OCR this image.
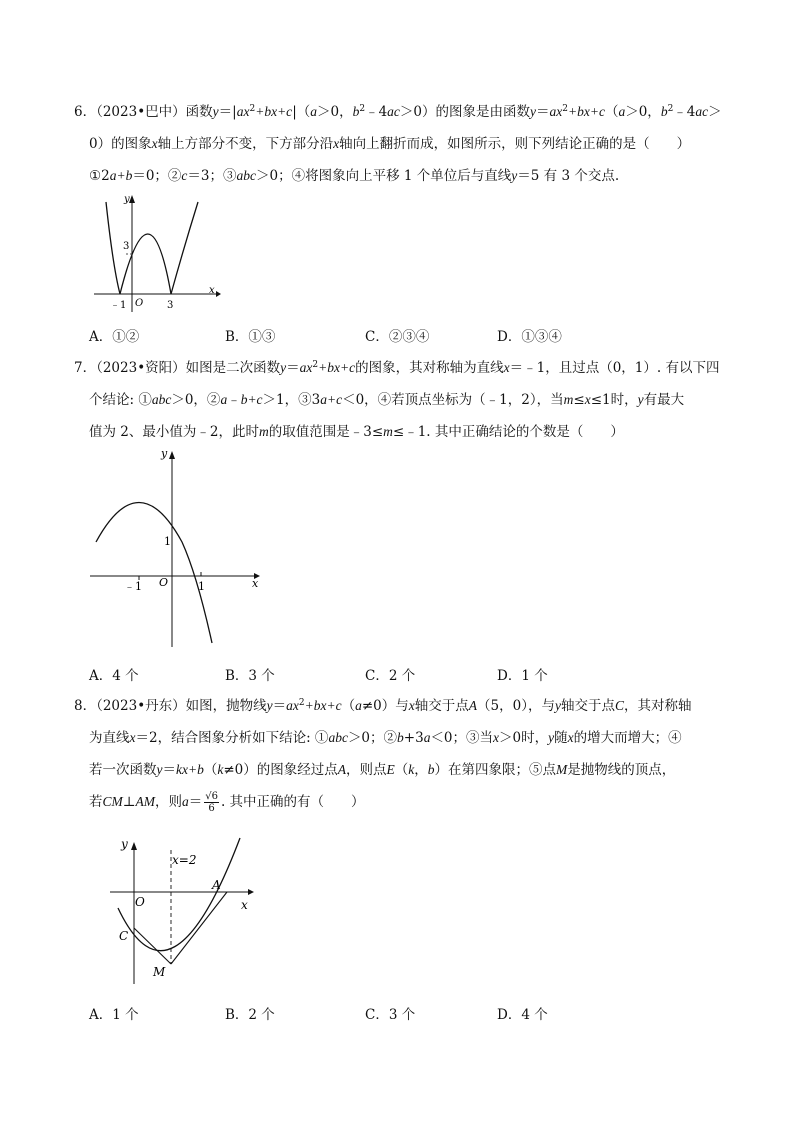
6．（2023•巴中）函数$y=|ax^2+bx+c|(a>0$，$b^2﹣4ac>0$）的图象是由函数$y=ax^2+bx+c(a>0$，$b^2﹣4ac>$
0）的图象x轴上方部分不变，下方部分沿x轴向上翻折而成，如图所示，则下列结论正确的是（　　）
①2a+b＝0；②c＝3；③abc＞0；④将图象向上平移 1 个单位后与直线y＝5 有 3 个交点.
y
x
3
﹣1 O 3
A．①②	B．①③	C．②③④	D．①③④
7．（2023•资阳）如图是二次函数$y=ax^2+bx+c$的图象，其对称轴为直线x＝﹣1，且过点（0，1）. 有以下四
个结论: ①abc＞0，②a﹣b+c＞1，③3a+c＜0，④若顶点坐标为（﹣1，2），当m≤x≤1时，y有最大
值为 2、最小值为﹣2，此时m的取值范围是﹣3≤m≤﹣1. 其中正确结论的个数是（　　）
y
x
1
﹣1 O	1
A．4 个	B．3 个	C．2 个	D．1 个
8．（2023•丹东）如图，抛物线$y=ax^2+bx+c(a\ne 0)$与x轴交于点A（5，0），与y轴交于点C，其对称轴
为直线x＝2，结合图象分析如下结论: ①abc＞0；②b+3a＜0；③当x＞0时，y随x的增大而增大；④
若一次函数y＝kx+b（k≠0）的图象经过点A，则点E（k，b）在第四象限；⑤点M是抛物线的顶点，
若CM⊥AM，则$a= \frac{√6}{6}$ . 其中正确的有（　　）
y
x
x=2
A
O
C
M
A．1 个	B．2 个	C．3 个	D．4 个
